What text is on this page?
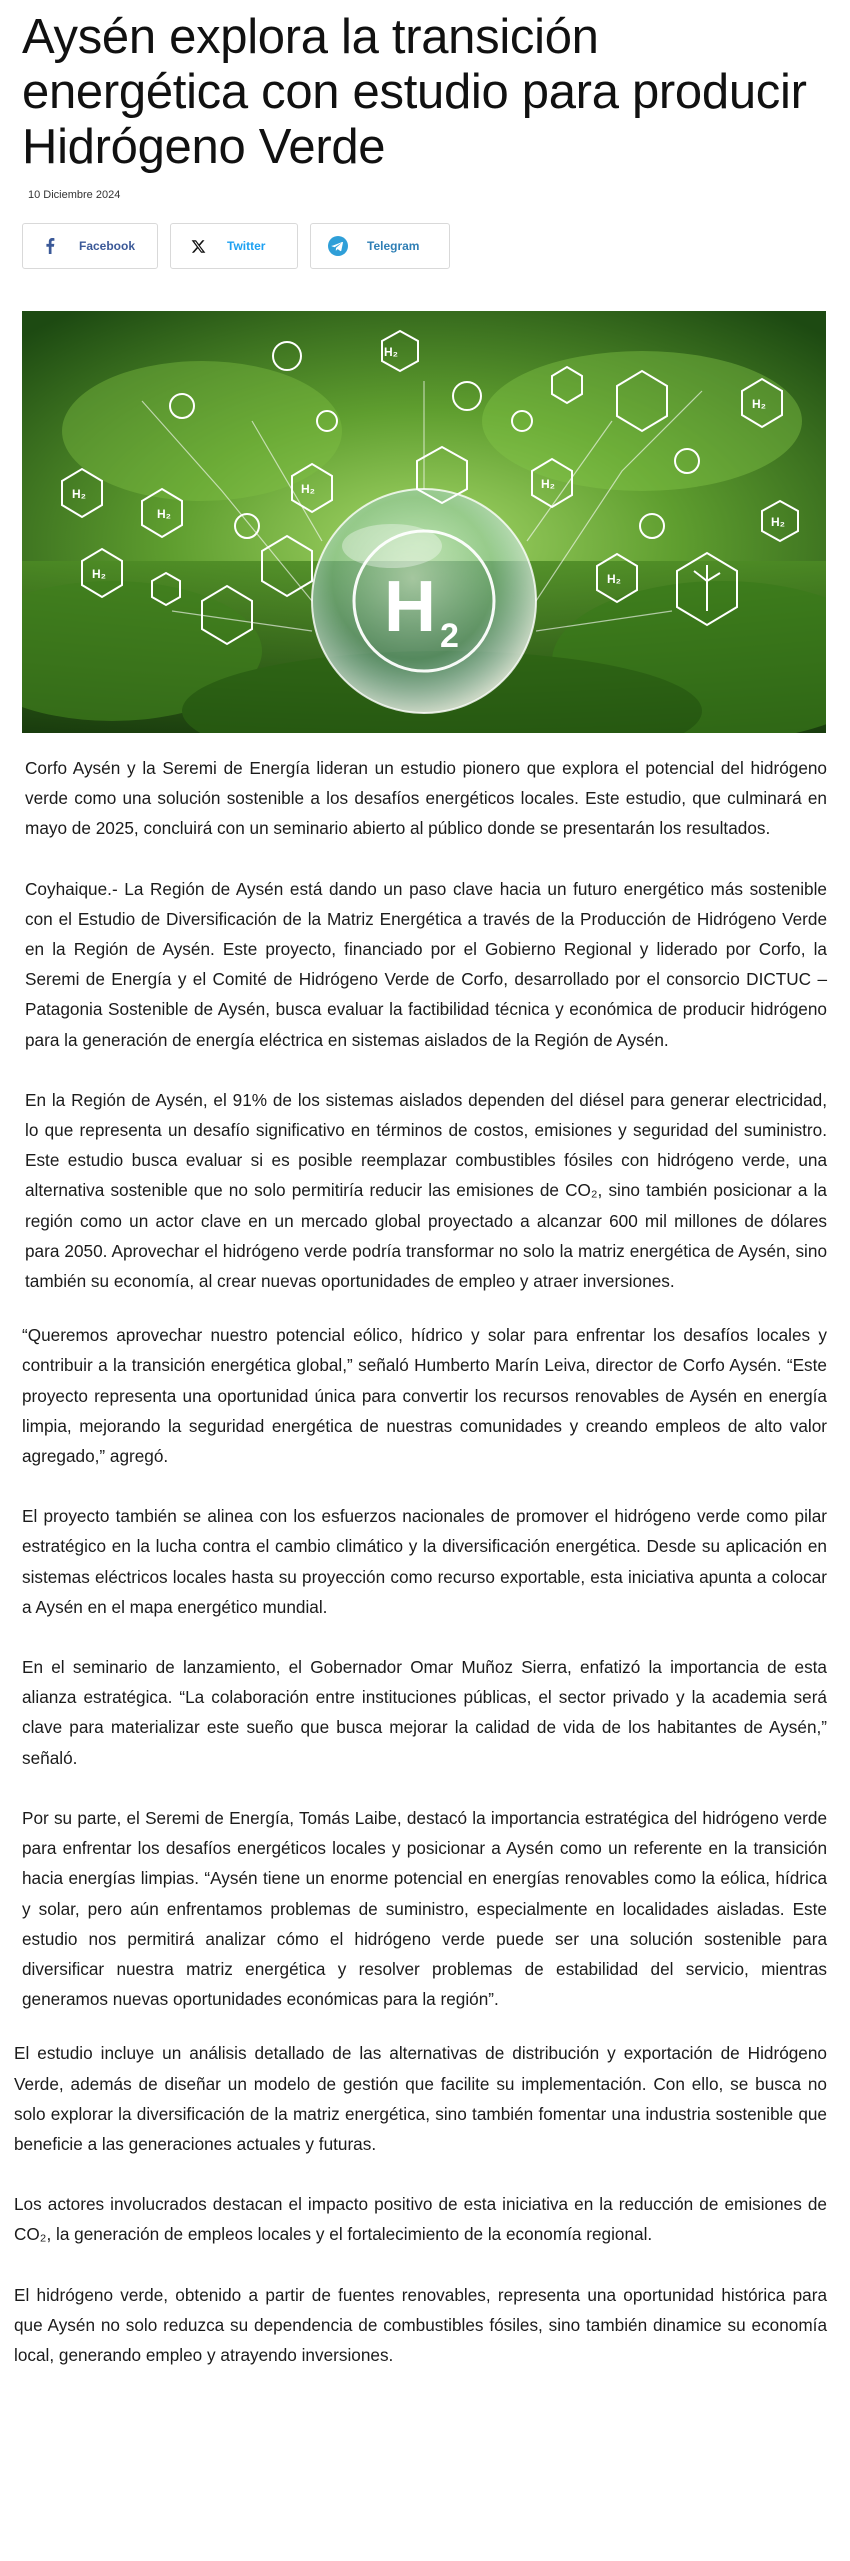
Aysén explora la transición energética con estudio para producir Hidrógeno Verde
10 Diciembre 2024
Facebook	Twitter	Telegram
H 2
H₂
H₂
H₂
H₂
H₂
H₂
H₂
H₂
H₂

Corfo Aysén y la Seremi de Energía lideran un estudio pionero que explora el potencial del hidrógeno verde como una solución sostenible a los desafíos energéticos locales. Este estudio, que culminará en mayo de 2025, concluirá con un seminario abierto al público donde se presentarán los resultados.

Coyhaique.- La Región de Aysén está dando un paso clave hacia un futuro energético más sostenible con el Estudio de Diversificación de la Matriz Energética a través de la Producción de Hidrógeno Verde en la Región de Aysén. Este proyecto, financiado por el Gobierno Regional y liderado por Corfo, la Seremi de Energía y el Comité de Hidrógeno Verde de Corfo, desarrollado por el consorcio DICTUC – Patagonia Sostenible de Aysén, busca evaluar la factibilidad técnica y económica de producir hidrógeno para la generación de energía eléctrica en sistemas aislados de la Región de Aysén.

En la Región de Aysén, el 91% de los sistemas aislados dependen del diésel para generar electricidad, lo que representa un desafío significativo en términos de costos, emisiones y seguridad del suministro. Este estudio busca evaluar si es posible reemplazar combustibles fósiles con hidrógeno verde, una alternativa sostenible que no solo permitiría reducir las emisiones de CO₂, sino también posicionar a la región como un actor clave en un mercado global proyectado a alcanzar 600 mil millones de dólares para 2050. Aprovechar el hidrógeno verde podría transformar no solo la matriz energética de Aysén, sino también su economía, al crear nuevas oportunidades de empleo y atraer inversiones.

“Queremos aprovechar nuestro potencial eólico, hídrico y solar para enfrentar los desafíos locales y contribuir a la transición energética global,” señaló Humberto Marín Leiva, director de Corfo Aysén. “Este proyecto representa una oportunidad única para convertir los recursos renovables de Aysén en energía limpia, mejorando la seguridad energética de nuestras comunidades y creando empleos de alto valor agregado,” agregó.

El proyecto también se alinea con los esfuerzos nacionales de promover el hidrógeno verde como pilar estratégico en la lucha contra el cambio climático y la diversificación energética. Desde su aplicación en sistemas eléctricos locales hasta su proyección como recurso exportable, esta iniciativa apunta a colocar a Aysén en el mapa energético mundial.

En el seminario de lanzamiento, el Gobernador Omar Muñoz Sierra, enfatizó la importancia de esta alianza estratégica. “La colaboración entre instituciones públicas, el sector privado y la academia será clave para materializar este sueño que busca mejorar la calidad de vida de los habitantes de Aysén,” señaló.

Por su parte, el Seremi de Energía, Tomás Laibe, destacó la importancia estratégica del hidrógeno verde para enfrentar los desafíos energéticos locales y posicionar a Aysén como un referente en la transición hacia energías limpias. “Aysén tiene un enorme potencial en energías renovables como la eólica, hídrica y solar, pero aún enfrentamos problemas de suministro, especialmente en localidades aisladas. Este estudio nos permitirá analizar cómo el hidrógeno verde puede ser una solución sostenible para diversificar nuestra matriz energética y resolver problemas de estabilidad del servicio, mientras generamos nuevas oportunidades económicas para la región”.

El estudio incluye un análisis detallado de las alternativas de distribución y exportación de Hidrógeno Verde, además de diseñar un modelo de gestión que facilite su implementación. Con ello, se busca no solo explorar la diversificación de la matriz energética, sino también fomentar una industria sostenible que beneficie a las generaciones actuales y futuras.

Los actores involucrados destacan el impacto positivo de esta iniciativa en la reducción de emisiones de CO₂, la generación de empleos locales y el fortalecimiento de la economía regional.

El hidrógeno verde, obtenido a partir de fuentes renovables, representa una oportunidad histórica para que Aysén no solo reduzca su dependencia de combustibles fósiles, sino también dinamice su economía local, generando empleo y atrayendo inversiones.
